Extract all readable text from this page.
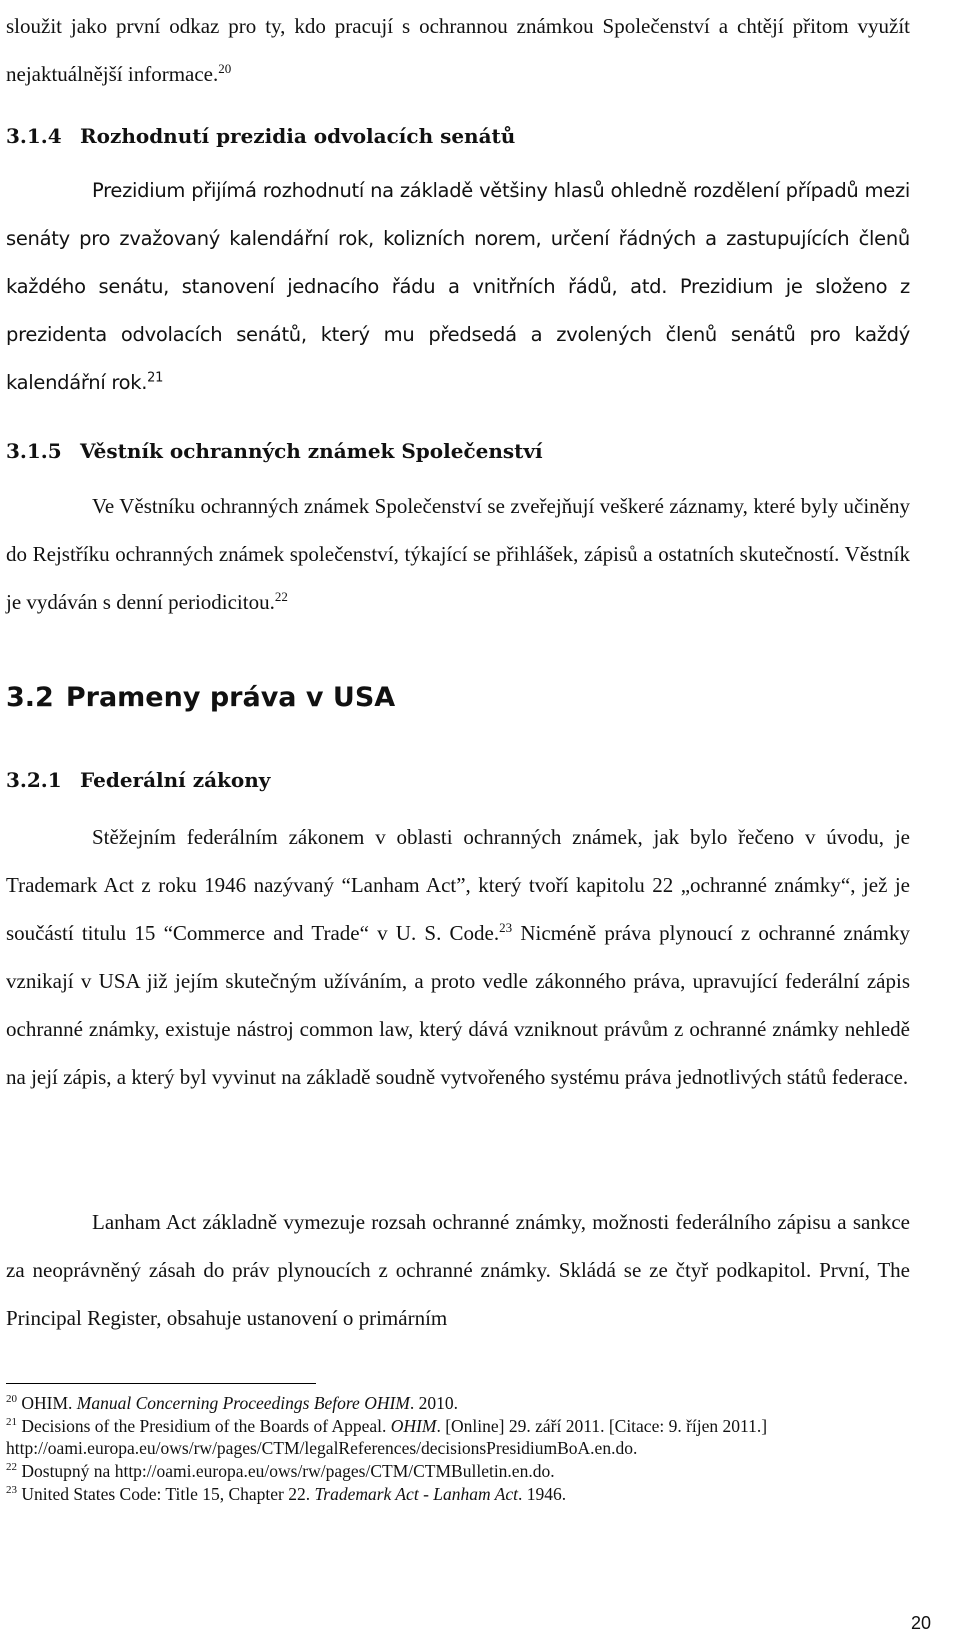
sloužit jako první odkaz pro ty, kdo pracují s ochrannou známkou Společenství a chtějí přitom využít nejaktuálnější informace.$^{20}$

3.1.4 Rozhodnutí prezidia odvolacích senátů

Prezidium přijímá rozhodnutí na základě většiny hlasů ohledně rozdělení případů mezi senáty pro zvažovaný kalendářní rok, kolizních norem, určení řádných a zastupujících členů každého senátu, stanovení jednacího řádu a vnitřních řádů, atd. Prezidium je složeno z prezidenta odvolacích senátů, který mu předsedá a zvolených členů senátů pro každý kalendářní rok.$^{21}$

3.1.5 Věstník ochranných známek Společenství

Ve Věstníku ochranných známek Společenství se zveřejňují veškeré záznamy, které byly učiněny do Rejstříku ochranných známek společenství, týkající se přihlášek, zápisů a ostatních skutečností. Věstník je vydáván s denní periodicitou.$^{22}$

3.2 Prameny práva v USA
3.2.1 Federální zákony

Stěžejním federálním zákonem v oblasti ochranných známek, jak bylo řečeno v úvodu, je Trademark Act z roku 1946 nazývaný “Lanham Act”, který tvoří kapitolu 22 „ochranné známky“, jež je součástí titulu 15 “Commerce and Trade“ v U. S. Code.$^{23}$ Nicméně práva plynoucí z ochranné známky vznikají v USA již jejím skutečným užíváním, a proto vedle zákonného práva, upravující federální zápis ochranné známky, existuje nástroj common law, který dává vzniknout právům z ochranné známky nehledě na její zápis, a který byl vyvinut na základě soudně vytvořeného systému práva jednotlivých států federace.

Lanham Act základně vymezuje rozsah ochranné známky, možnosti federálního zápisu a sankce za neoprávněný zásah do práv plynoucích z ochranné známky. Skládá se ze čtyř podkapitol. První, The Principal Register, obsahuje ustanovení o primárním

$^{20}$ OHIM. Manual Concerning Proceedings Before OHIM. 2010.

$^{21}$ Decisions of the Presidium of the Boards of Appeal. OHIM. [Online] 29. září 2011. [Citace: 9. říjen 2011.] http://oami.europa.eu/ows/rw/pages/CTM/legalReferences/decisionsPresidiumBoA.en.do.

$^{22}$ Dostupný na http://oami.europa.eu/ows/rw/pages/CTM/CTMBulletin.en.do.

$^{23}$ United States Code: Title 15, Chapter 22. Trademark Act - Lanham Act. 1946.

20
